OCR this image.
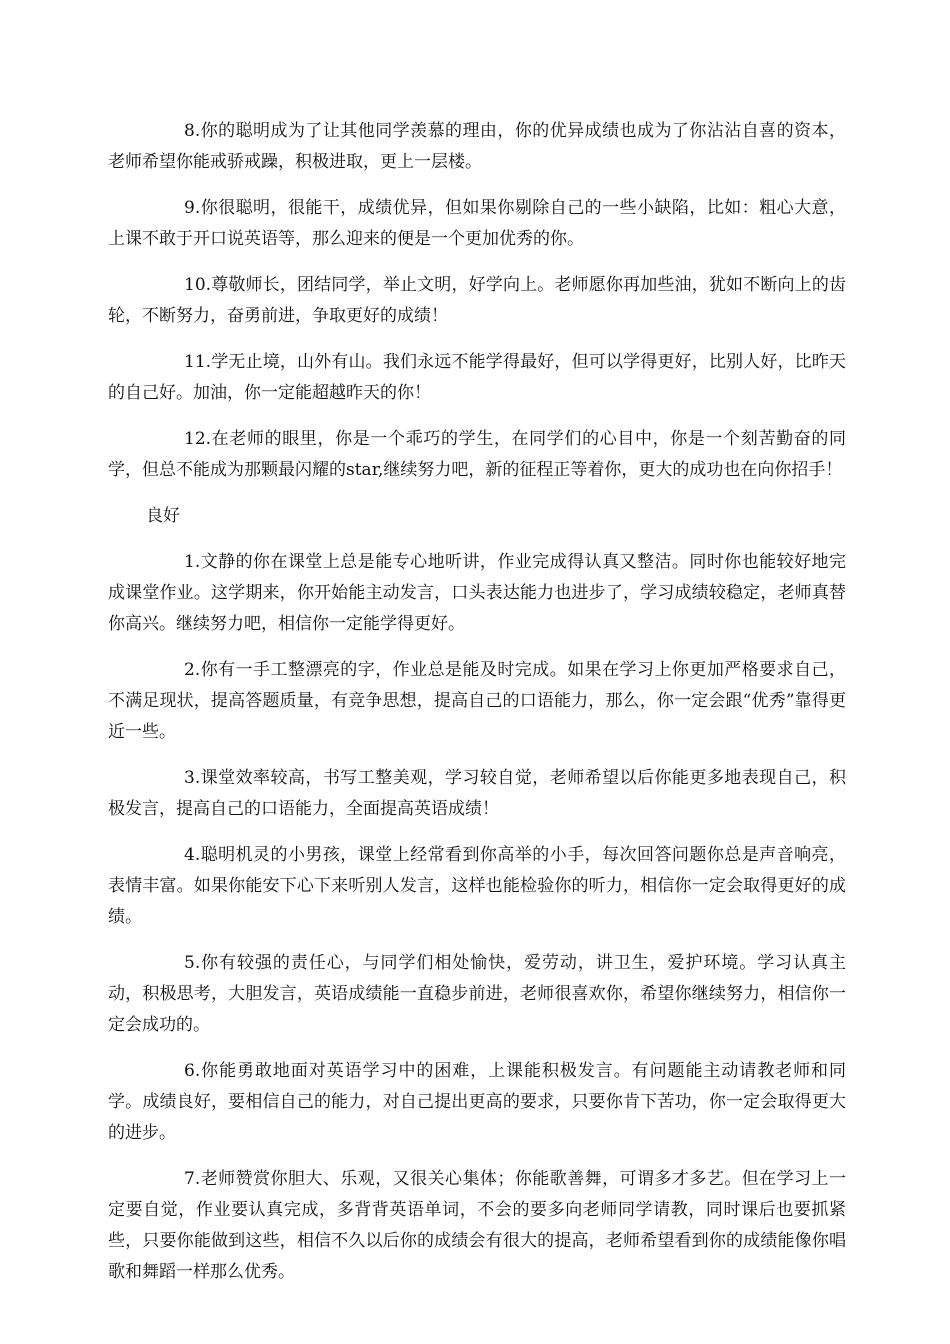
8.你的聪明成为了让其他同学羡慕的理由，你的优异成绩也成为了你沾沾自喜的资本，老师希望你能戒骄戒躁，积极进取，更上一层楼。

9.你很聪明，很能干，成绩优异，但如果你剔除自己的一些小缺陷，比如：粗心大意，上课不敢于开口说英语等，那么迎来的便是一个更加优秀的你。

10.尊敬师长，团结同学，举止文明，好学向上。老师愿你再加些油，犹如不断向上的齿轮，不断努力，奋勇前进，争取更好的成绩！

11.学无止境，山外有山。我们永远不能学得最好，但可以学得更好，比别人好，比昨天的自己好。加油，你一定能超越昨天的你！

12.在老师的眼里，你是一个乖巧的学生，在同学们的心目中，你是一个刻苦勤奋的同学，但总不能成为那颗最闪耀的star,继续努力吧，新的征程正等着你，更大的成功也在向你招手！

良好

1.文静的你在课堂上总是能专心地听讲，作业完成得认真又整洁。同时你也能较好地完成课堂作业。这学期来，你开始能主动发言，口头表达能力也进步了，学习成绩较稳定，老师真替你高兴。继续努力吧，相信你一定能学得更好。

2.你有一手工整漂亮的字，作业总是能及时完成。如果在学习上你更加严格要求自己，不满足现状，提高答题质量，有竞争思想，提高自己的口语能力，那么，你一定会跟“优秀”靠得更近一些。

3.课堂效率较高，书写工整美观，学习较自觉，老师希望以后你能更多地表现自己，积极发言，提高自己的口语能力，全面提高英语成绩！

4.聪明机灵的小男孩，课堂上经常看到你高举的小手，每次回答问题你总是声音响亮，表情丰富。如果你能安下心下来听别人发言，这样也能检验你的听力，相信你一定会取得更好的成绩。

5.你有较强的责任心，与同学们相处愉快，爱劳动，讲卫生，爱护环境。学习认真主动，积极思考，大胆发言，英语成绩能一直稳步前进，老师很喜欢你，希望你继续努力，相信你一定会成功的。

6.你能勇敢地面对英语学习中的困难，上课能积极发言。有问题能主动请教老师和同学。成绩良好，要相信自己的能力，对自己提出更高的要求，只要你肯下苦功，你一定会取得更大的进步。

7.老师赞赏你胆大、乐观，又很关心集体；你能歌善舞，可谓多才多艺。但在学习上一定要自觉，作业要认真完成，多背背英语单词，不会的要多向老师同学请教，同时课后也要抓紧些，只要你能做到这些，相信不久以后你的成绩会有很大的提高，老师希望看到你的成绩能像你唱歌和舞蹈一样那么优秀。
